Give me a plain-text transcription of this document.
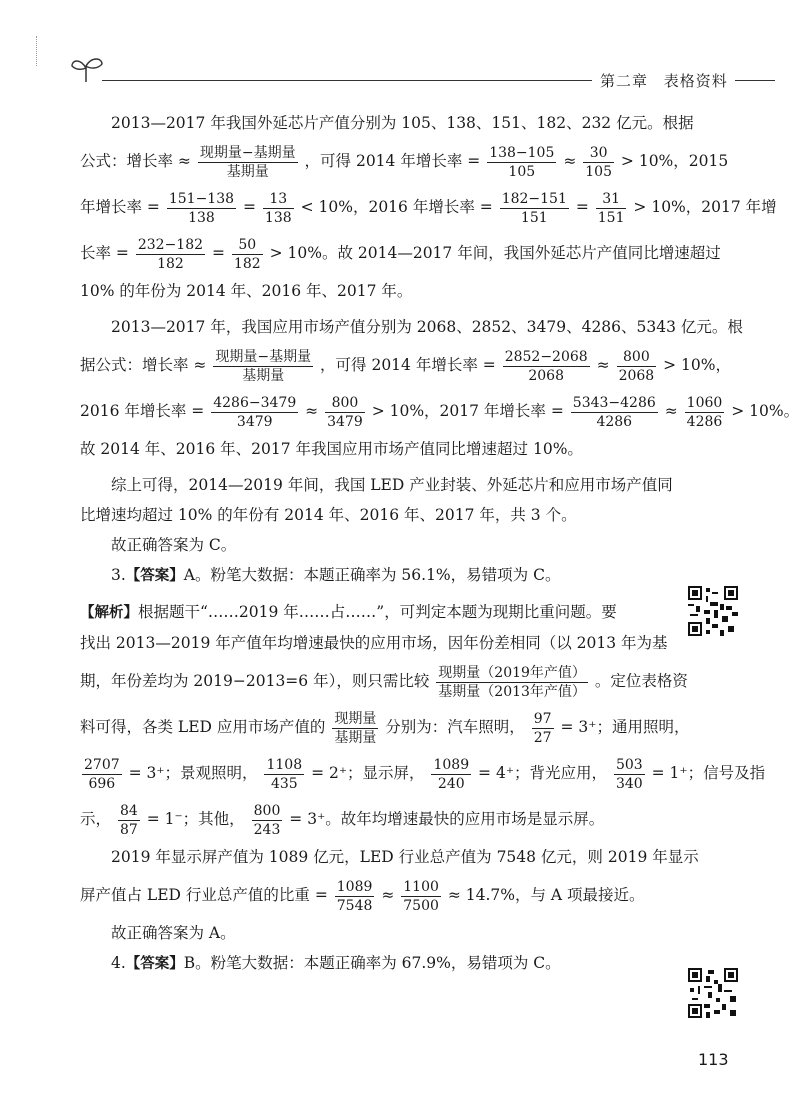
第二章 表格资料
2013—2017 年我国外延芯片产值分别为 105、138、151、182、232 亿元。根据
公式：增长率 ≈ $\frac{\text{现期量−基期量}}{\text{基期量}}$ ，可得 2014 年增长率 = $\frac{138-105}{105} \approx \frac{30}{105} > 10\%$，2015
年增长率 = $\frac{151-138}{138} = \frac{13}{138} < 10\%$，2016 年增长率 = $\frac{182-151}{151} = \frac{31}{151} > 10\%$，2017 年增
长率 = $\frac{232-182}{182} = \frac{50}{182} > 10\%$。故 2014—2017 年间，我国外延芯片产值同比增速超过
10% 的年份为 2014 年、2016 年、2017 年。
2013—2017 年，我国应用市场产值分别为 2068、2852、3479、4286、5343 亿元。根
据公式：增长率 ≈ $\frac{\text{现期量−基期量}}{\text{基期量}}$ ，可得 2014 年增长率 = $\frac{2852-2068}{2068} \approx \frac{800}{2068} > 10\%$，
2016 年增长率 = $\frac{4286-3479}{3479} \approx \frac{800}{3479} > 10\%$，2017 年增长率 = $\frac{5343-4286}{4286} \approx \frac{1060}{4286} > 10\%$。
故 2014 年、2016 年、2017 年我国应用市场产值同比增速超过 10%。
综上可得，2014—2019 年间，我国 LED 产业封装、外延芯片和应用市场产值同
比增速均超过 10% 的年份有 2014 年、2016 年、2017 年，共 3 个。
故正确答案为 C。
3.【答案】A。粉笔大数据：本题正确率为 56.1%，易错项为 C。
【解析】根据题干“……2019 年……占……”，可判定本题为现期比重问题。要
找出 2013—2019 年产值年均增速最快的应用市场，因年份差相同（以 2013 年为基
期，年份差均为 2019−2013=6 年），则只需比较 $\frac{\text{现期量（2019年产值）}}{\text{基期量（2013年产值）}}$ 。定位表格资
料可得，各类 LED 应用市场产值的 $\frac{\text{现期量}}{\text{基期量}}$ 分别为：汽车照明， $\frac{97}{27} = 3^+$；通用照明，
$\frac{2707}{696} = 3^+$；景观照明， $\frac{1108}{435} = 2^+$；显示屏， $\frac{1089}{240} = 4^+$；背光应用， $\frac{503}{340} = 1^+$；信号及指
示， $\frac{84}{87} = 1^-$；其他， $\frac{800}{243} = 3^+$。故年均增速最快的应用市场是显示屏。
2019 年显示屏产值为 1089 亿元，LED 行业总产值为 7548 亿元，则 2019 年显示
屏产值占 LED 行业总产值的比重 = $\frac{1089}{7548} \approx \frac{1100}{7500} \approx 14.7\%$，与 A 项最接近。
故正确答案为 A。
4.【答案】B。粉笔大数据：本题正确率为 67.9%，易错项为 C。
113
